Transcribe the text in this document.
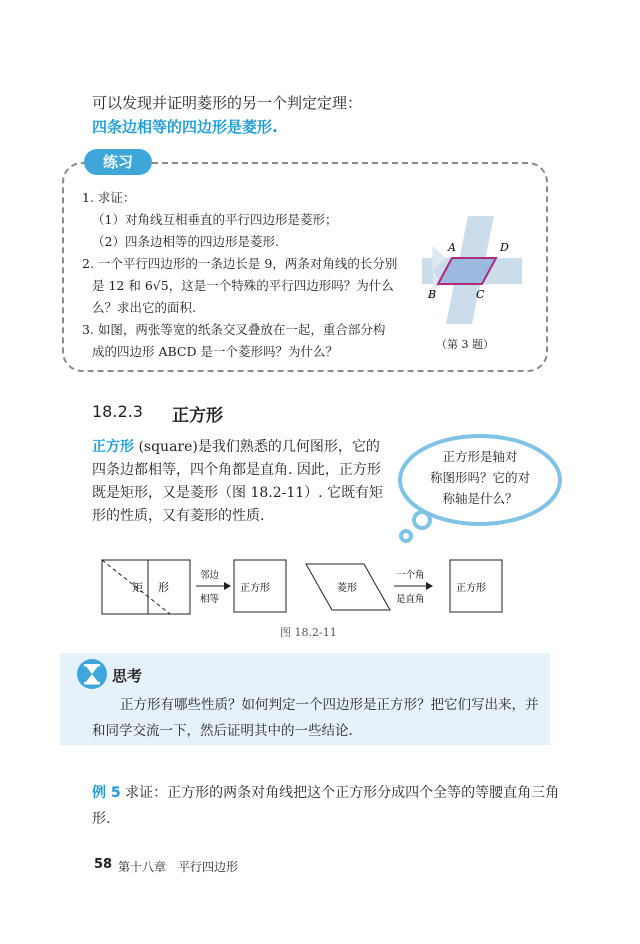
可以发现并证明菱形的另一个判定定理：
四条边相等的四边形是菱形.
练习
1. 求证：
（1）对角线互相垂直的平行四边形是菱形；
（2）四条边相等的四边形是菱形.
2. 一个平行四边形的一条边长是 9，两条对角线的长分别
是 12 和 6√5，这是一个特殊的平行四边形吗？为什么
么？求出它的面积.
3. 如图，两张等宽的纸条交叉叠放在一起，重合部分构
成的四边形 ABCD 是一个菱形吗？为什么？
A	D
B	C
（第 3 题）
18.2.3 正方形
正方形 (square)是我们熟悉的几何图形，它的四条边都相等，四个角都是直角. 因此，正方形既是矩形，又是菱形（图 18.2-11）. 它既有矩形的性质，又有菱形的性质.
正方形是轴对
称图形吗？它的对
称轴是什么？
矩 形
邻边
相等
正方形	菱形
一个角
是直角
正方形
图 18.2-11
思考
正方形有哪些性质？如何判定一个四边形是正方形？把它们写出来，并和同学交流一下，然后证明其中的一些结论.
例 5 求证：正方形的两条对角线把这个正方形分成四个全等的等腰直角三角形.
58 第十八章　平行四边形
